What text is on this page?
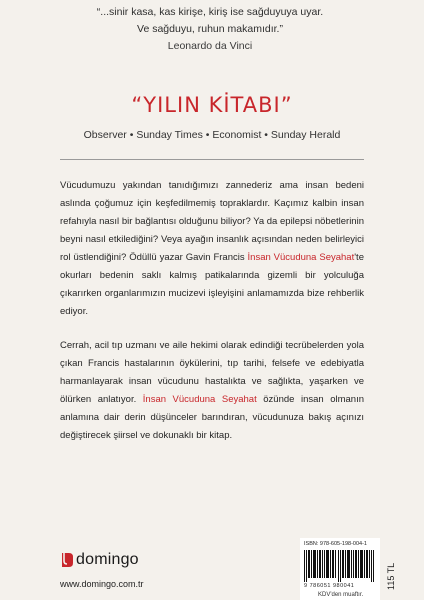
“...sinir kasa, kas kirişe, kiriş ise sağduyuya uyar.
Ve sağduyu, ruhun makamıdır.”
Leonardo da Vinci
“YILIN KİTABI”
Observer • Sunday Times • Economist • Sunday Herald

Vücudumuzu yakından tanıdığımızı zannederiz ama insan bedeni aslında çoğumuz için keşfedilmemiş topraklardır. Kaçımız kalbin insan refahıyla nasıl bir bağlantısı olduğunu biliyor? Ya da epilepsi nöbetlerinin beyni nasıl etkilediğini? Veya ayağın insanlık açısından neden belirleyici rol üstlendiğini? Ödüllü yazar Gavin Francis İnsan Vücuduna Seyahat'te okurları bedenin saklı kalmış patikalarında gizemli bir yolculuğa çıkarırken organlarımızın mucizevi işleyişini anlamamızda bize rehberlik ediyor.

Cerrah, acil tıp uzmanı ve aile hekimi olarak edindiği tecrübelerden yola çıkan Francis hastalarının öykülerini, tıp tarihi, felsefe ve edebiyatla harmanlayarak insan vücudunu hastalıkta ve sağlıkta, yaşarken ve ölürken anlatıyor. İnsan Vücuduna Seyahat özünde insan olmanın anlamına dair derin düşünceler barındıran, vücudunuza bakış açınızı değiştirecek şiirsel ve dokunaklı bir kitap.

domingo
www.domingo.com.tr
ISBN: 978-605-198-004-1
9 786051 980041
KDV'den muaftır.
115 TL
